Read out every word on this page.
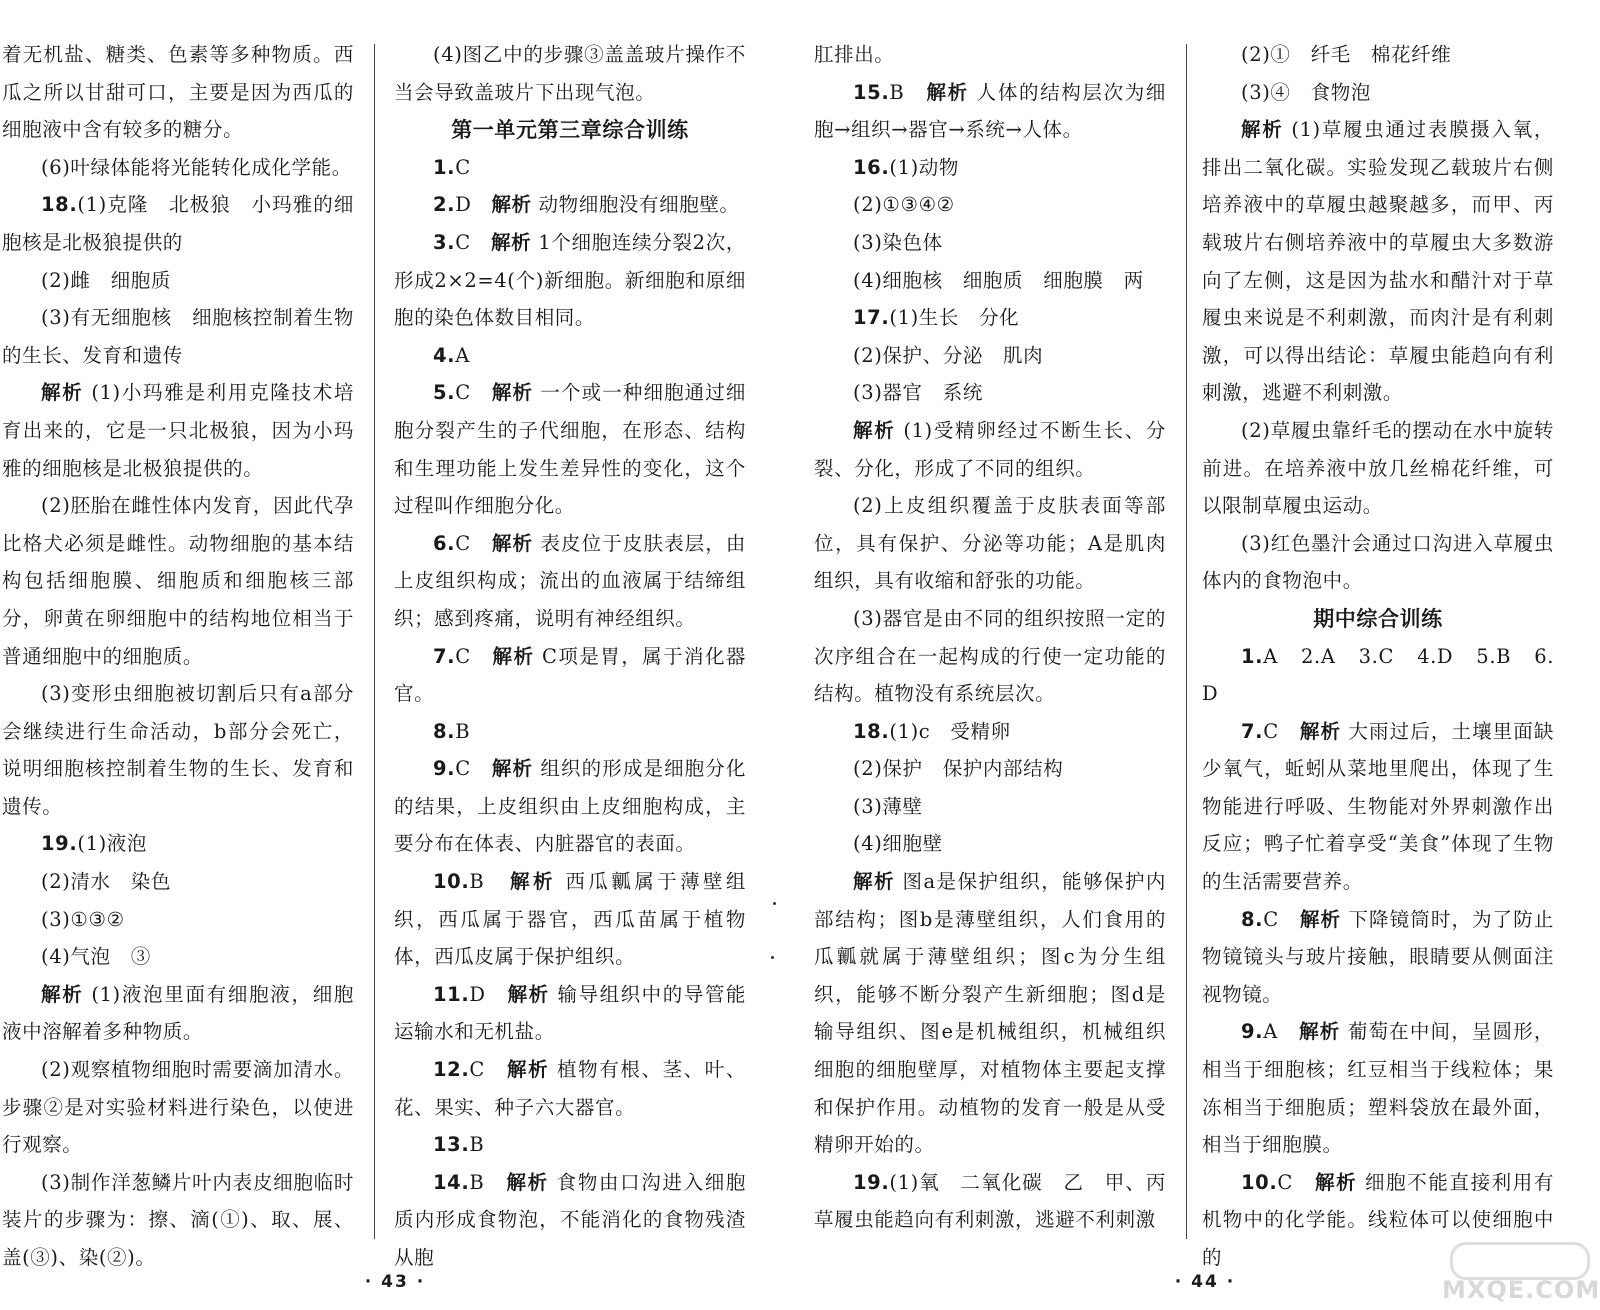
着无机盐、糖类、色素等多种物质。西瓜之所以甘甜可口，主要是因为西瓜的细胞液中含有较多的糖分。

(6)叶绿体能将光能转化成化学能。

18.(1)克隆　北极狼　小玛雅的细胞核是北极狼提供的

(2)雌　细胞质

(3)有无细胞核　细胞核控制着生物的生长、发育和遗传

解析 (1)小玛雅是利用克隆技术培育出来的，它是一只北极狼，因为小玛雅的细胞核是北极狼提供的。

(2)胚胎在雌性体内发育，因此代孕比格犬必须是雌性。动物细胞的基本结构包括细胞膜、细胞质和细胞核三部分，卵黄在卵细胞中的结构地位相当于普通细胞中的细胞质。

(3)变形虫细胞被切割后只有a部分会继续进行生命活动，b部分会死亡，说明细胞核控制着生物的生长、发育和遗传。

19.(1)液泡

(2)清水　染色

(3)①③②

(4)气泡　③

解析 (1)液泡里面有细胞液，细胞液中溶解着多种物质。

(2)观察植物细胞时需要滴加清水。步骤②是对实验材料进行染色，以使进行观察。

(3)制作洋葱鳞片叶内表皮细胞临时装片的步骤为：擦、滴(①)、取、展、盖(③)、染(②)。

(4)图乙中的步骤③盖盖玻片操作不当会导致盖玻片下出现气泡。

第一单元第三章综合训练

1.C

2.D　解析 动物细胞没有细胞壁。

3.C　解析 1个细胞连续分裂2次，形成2×2=4(个)新细胞。新细胞和原细胞的染色体数目相同。

4.A

5.C　解析 一个或一种细胞通过细胞分裂产生的子代细胞，在形态、结构和生理功能上发生差异性的变化，这个过程叫作细胞分化。

6.C　解析 表皮位于皮肤表层，由上皮组织构成；流出的血液属于结缔组织；感到疼痛，说明有神经组织。

7.C　解析 C项是胃，属于消化器官。

8.B

9.C　解析 组织的形成是细胞分化的结果，上皮组织由上皮细胞构成，主要分布在体表、内脏器官的表面。

10.B　解析 西瓜瓤属于薄壁组织，西瓜属于器官，西瓜苗属于植物体，西瓜皮属于保护组织。

11.D　解析 输导组织中的导管能运输水和无机盐。

12.C　解析 植物有根、茎、叶、花、果实、种子六大器官。

13.B

14.B　解析 食物由口沟进入细胞质内形成食物泡，不能消化的食物残渣从胞

· 43 ·

肛排出。

15.B　解析 人体的结构层次为细胞→组织→器官→系统→人体。

16.(1)动物

(2)①③④②

(3)染色体

(4)细胞核　细胞质　细胞膜　两

17.(1)生长　分化

(2)保护、分泌　肌肉

(3)器官　系统

解析 (1)受精卵经过不断生长、分裂、分化，形成了不同的组织。

(2)上皮组织覆盖于皮肤表面等部位，具有保护、分泌等功能；A是肌肉组织，具有收缩和舒张的功能。

(3)器官是由不同的组织按照一定的次序组合在一起构成的行使一定功能的结构。植物没有系统层次。

18.(1)c　受精卵

(2)保护　保护内部结构

(3)薄壁

(4)细胞壁

解析 图a是保护组织，能够保护内部结构；图b是薄壁组织，人们食用的瓜瓤就属于薄壁组织；图c为分生组织，能够不断分裂产生新细胞；图d是输导组织、图e是机械组织，机械组织细胞的细胞壁厚，对植物体主要起支撑和保护作用。动植物的发育一般是从受精卵开始的。

19.(1)氧　二氧化碳　乙　甲、丙　草履虫能趋向有利刺激，逃避不利刺激

(2)①　纤毛　棉花纤维

(3)④　食物泡

解析 (1)草履虫通过表膜摄入氧，排出二氧化碳。实验发现乙载玻片右侧培养液中的草履虫越聚越多，而甲、丙载玻片右侧培养液中的草履虫大多数游向了左侧，这是因为盐水和醋汁对于草履虫来说是不利刺激，而肉汁是有利刺激，可以得出结论：草履虫能趋向有利刺激，逃避不利刺激。

(2)草履虫靠纤毛的摆动在水中旋转前进。在培养液中放几丝棉花纤维，可以限制草履虫运动。

(3)红色墨汁会通过口沟进入草履虫体内的食物泡中。

期中综合训练

1.A　2.A　3.C　4.D　5.B　6.D

7.C　解析 大雨过后，土壤里面缺少氧气，蚯蚓从菜地里爬出，体现了生物能进行呼吸、生物能对外界刺激作出反应；鸭子忙着享受“美食”体现了生物的生活需要营养。

8.C　解析 下降镜筒时，为了防止物镜镜头与玻片接触，眼睛要从侧面注视物镜。

9.A　解析 葡萄在中间，呈圆形，相当于细胞核；红豆相当于线粒体；果冻相当于细胞质；塑料袋放在最外面，相当于细胞膜。

10.C　解析 细胞不能直接利用有机物中的化学能。线粒体可以使细胞中的

· 44 ·	MXQE.COM
